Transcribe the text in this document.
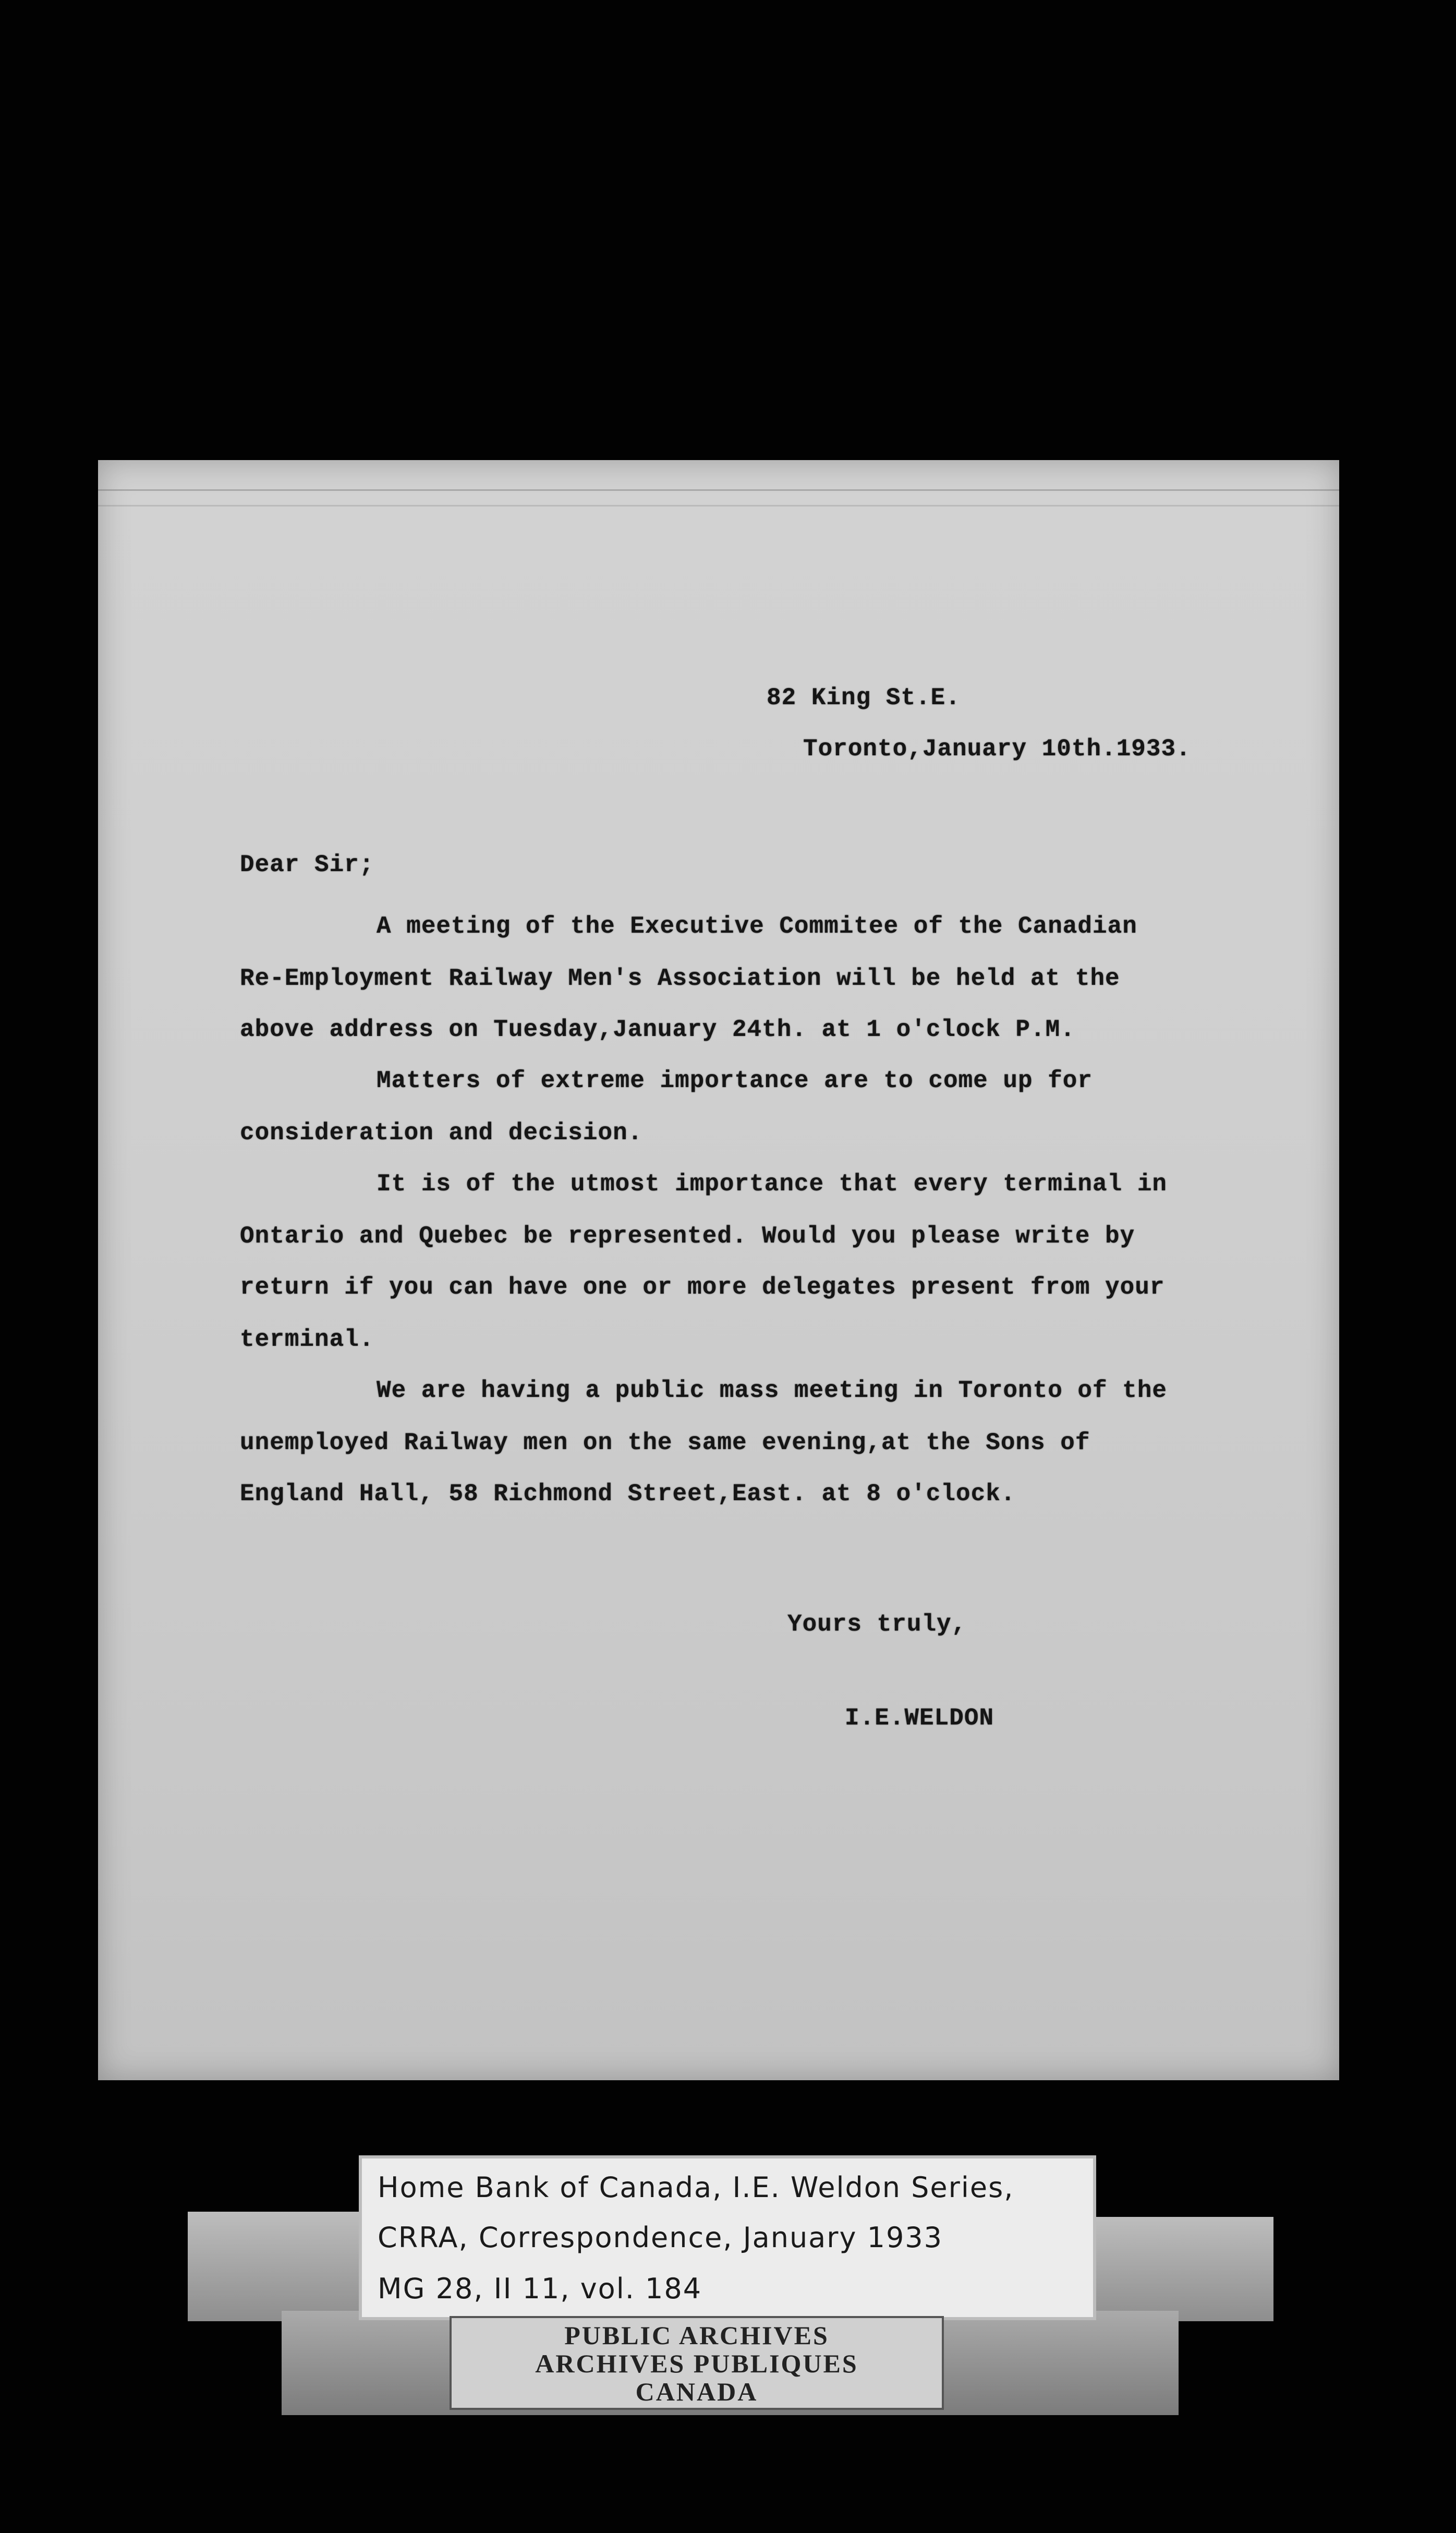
82 King St.E.
Toronto,January 10th.1933.
Dear Sir;
A meeting of the Executive Commitee of the Canadian
Re-Employment Railway Men's Association will be held at the
above address on Tuesday,January 24th. at 1 o'clock P.M.
Matters of extreme importance are to come up for
consideration and decision.
It is of the utmost importance that every terminal in
Ontario and Quebec be represented. Would you please write by
return if you can have one or more delegates present from your
terminal.
We are having a public mass meeting in Toronto of the
unemployed Railway men on the same evening,at the Sons of
England Hall, 58 Richmond Street,East. at 8 o'clock.
Yours truly,
I.E.WELDON
Home Bank of Canada, I.E. Weldon Series,
CRRA, Correspondence, January 1933
MG 28, II 11, vol. 184
PUBLIC ARCHIVES
ARCHIVES PUBLIQUES
CANADA
